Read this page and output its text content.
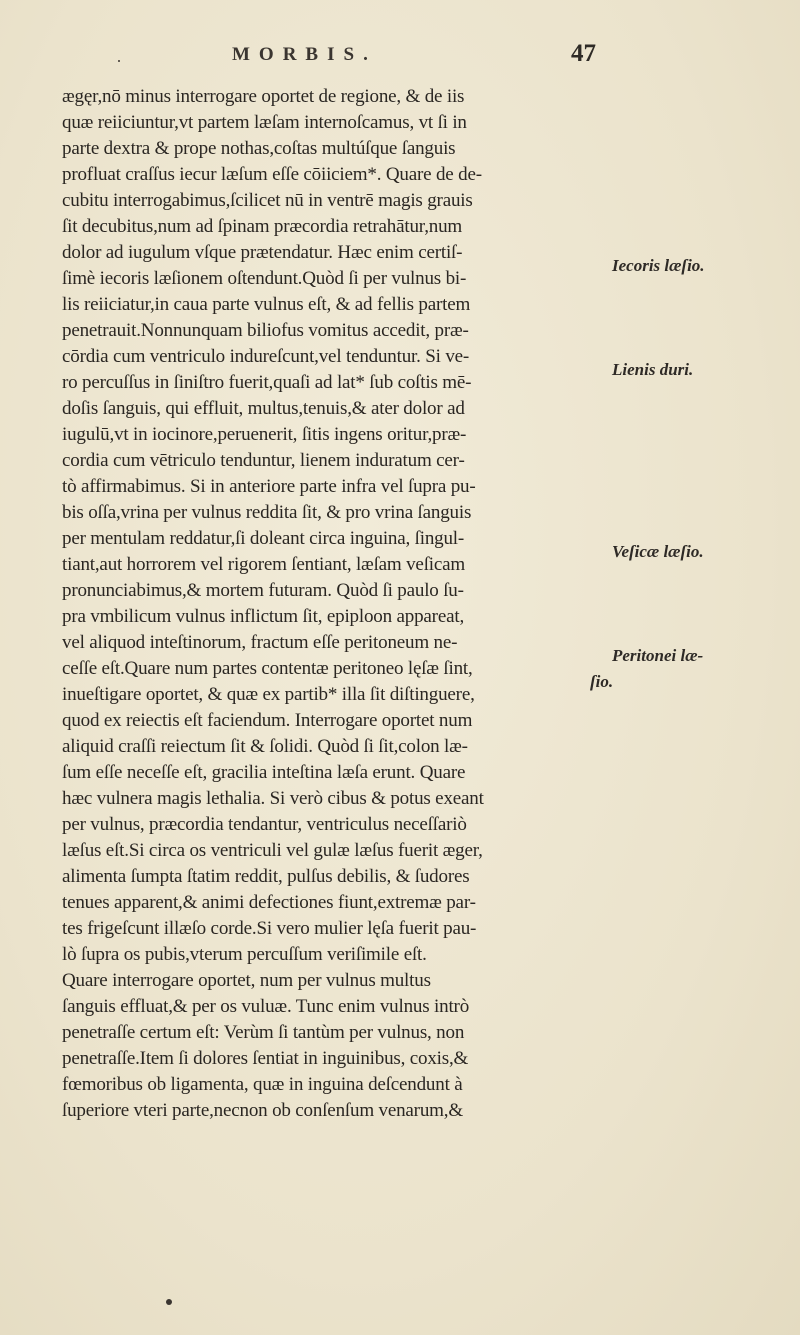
MORBIS.	47
ægęr,nō minus interrogare oportet de regione, & de iis
quæ reiiciuntur,vt partem læſam internoſcamus, vt ſi in
parte dextra & prope nothas,coſtas multúſque ſanguis
profluat craſſus iecur læſum eſſe cōiiciem*. Quare de de-
cubitu interrogabimus,ſcilicet nū in ventrē magis grauis
ſit decubitus,num ad ſpinam præcordia retrahātur,num
dolor ad iugulum vſque prætendatur. Hæc enim certiſ-
ſimè iecoris læſionem oſtendunt.Quòd ſi per vulnus bi-
lis reiiciatur,in caua parte vulnus eſt, & ad fellis partem
penetrauit.Nonnunquam biliofus vomitus accedit, præ-
cōrdia cum ventriculo indureſcunt,vel tenduntur. Si ve-
ro percuſſus in ſiniſtro fuerit,quaſi ad lat* ſub coſtis mē-
doſis ſanguis, qui effluit, multus,tenuis,& ater dolor ad
iugulū,vt in iocinore,peruenerit, ſitis ingens oritur,præ-
cordia cum vētriculo tenduntur, lienem induratum cer-
tò affirmabimus. Si in anteriore parte infra vel ſupra pu-
bis oſſa,vrina per vulnus reddita ſit, & pro vrina ſanguis
per mentulam reddatur,ſi doleant circa inguina, ſingul-
tiant,aut horrorem vel rigorem ſentiant, læſam veſicam
pronunciabimus,& mortem futuram. Quòd ſi paulo ſu-
pra vmbilicum vulnus inflictum ſit, epiploon appareat,
vel aliquod inteſtinorum, fractum eſſe peritoneum ne-
ceſſe eſt.Quare num partes contentæ peritoneo lęſæ ſint,
inueſtigare oportet, & quæ ex partib* illa ſit diſtinguere,
quod ex reiectis eſt faciendum. Interrogare oportet num
aliquid craſſi reiectum ſit & ſolidi. Quòd ſi ſit,colon læ-
ſum eſſe neceſſe eſt, gracilia inteſtina læſa erunt. Quare
hæc vulnera magis lethalia. Si verò cibus & potus exeant
per vulnus, præcordia tendantur, ventriculus neceſſariò
læſus eſt.Si circa os ventriculi vel gulæ læſus fuerit æger,
alimenta ſumpta ſtatim reddit, pulſus debilis, & ſudores
tenues apparent,& animi defectiones fiunt,extremæ par-
tes frigeſcunt illæſo corde.Si vero mulier lęſa fuerit pau-
lò ſupra os pubis,vterum percuſſum veriſimile eſt.
Quare interrogare oportet, num per vulnus multus
ſanguis effluat,& per os vuluæ. Tunc enim vulnus intrò
penetraſſe certum eſt: Verùm ſi tantùm per vulnus, non
penetraſſe.Item ſi dolores ſentiat in inguinibus, coxis,&
fœmoribus ob ligamenta, quæ in inguina deſcendunt à
ſuperiore vteri parte,necnon ob conſenſum venarum,&
Iecoris læſio.
Lienis duri.
Veſicæ læſio.
Peritonei læ-
ſio.
